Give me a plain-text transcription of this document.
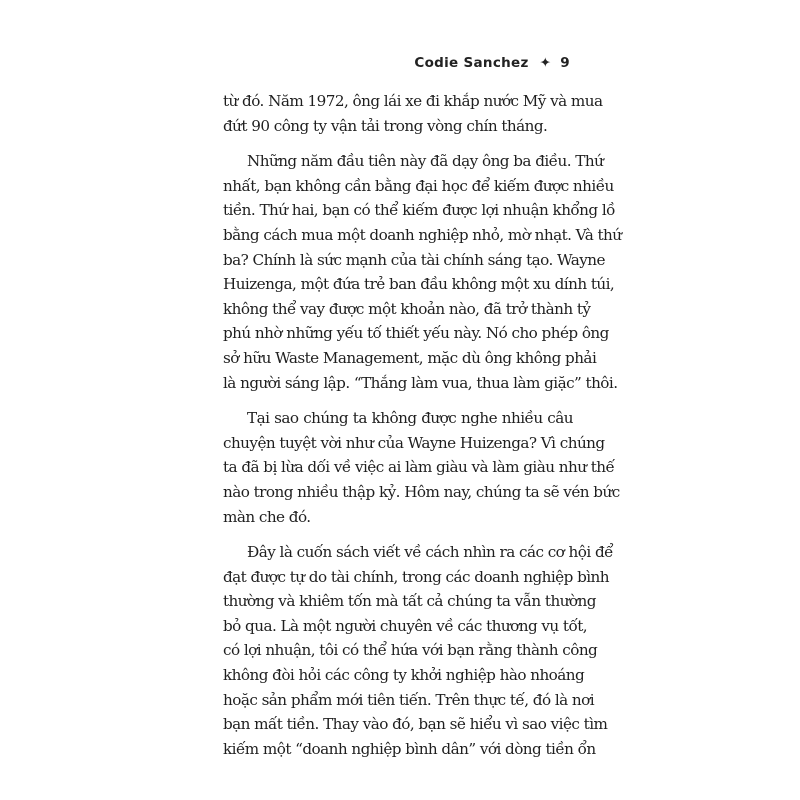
Codie Sanchez ✦ 9

từ đó. Năm 1972, ông lái xe đi khắp nước Mỹ và mua
đứt 90 công ty vận tải trong vòng chín tháng.

Những năm đầu tiên này đã dạy ông ba điều. Thứ
nhất, bạn không cần bằng đại học để kiếm được nhiều
tiền. Thứ hai, bạn có thể kiếm được lợi nhuận khổng lồ
bằng cách mua một doanh nghiệp nhỏ, mờ nhạt. Và thứ
ba? Chính là sức mạnh của tài chính sáng tạo. Wayne
Huizenga, một đứa trẻ ban đầu không một xu dính túi,
không thể vay được một khoản nào, đã trở thành tỷ
phú nhờ những yếu tố thiết yếu này. Nó cho phép ông
sở hữu Waste Management, mặc dù ông không phải
là người sáng lập. “Thắng làm vua, thua làm giặc” thôi.

Tại sao chúng ta không được nghe nhiều câu
chuyện tuyệt vời như của Wayne Huizenga? Vì chúng
ta đã bị lừa dối về việc ai làm giàu và làm giàu như thế
nào trong nhiều thập kỷ. Hôm nay, chúng ta sẽ vén bức
màn che đó.

Đây là cuốn sách viết về cách nhìn ra các cơ hội để
đạt được tự do tài chính, trong các doanh nghiệp bình
thường và khiêm tốn mà tất cả chúng ta vẫn thường
bỏ qua. Là một người chuyên về các thương vụ tốt,
có lợi nhuận, tôi có thể hứa với bạn rằng thành công
không đòi hỏi các công ty khởi nghiệp hào nhoáng
hoặc sản phẩm mới tiên tiến. Trên thực tế, đó là nơi
bạn mất tiền. Thay vào đó, bạn sẽ hiểu vì sao việc tìm
kiếm một “doanh nghiệp bình dân” với dòng tiền ổn
